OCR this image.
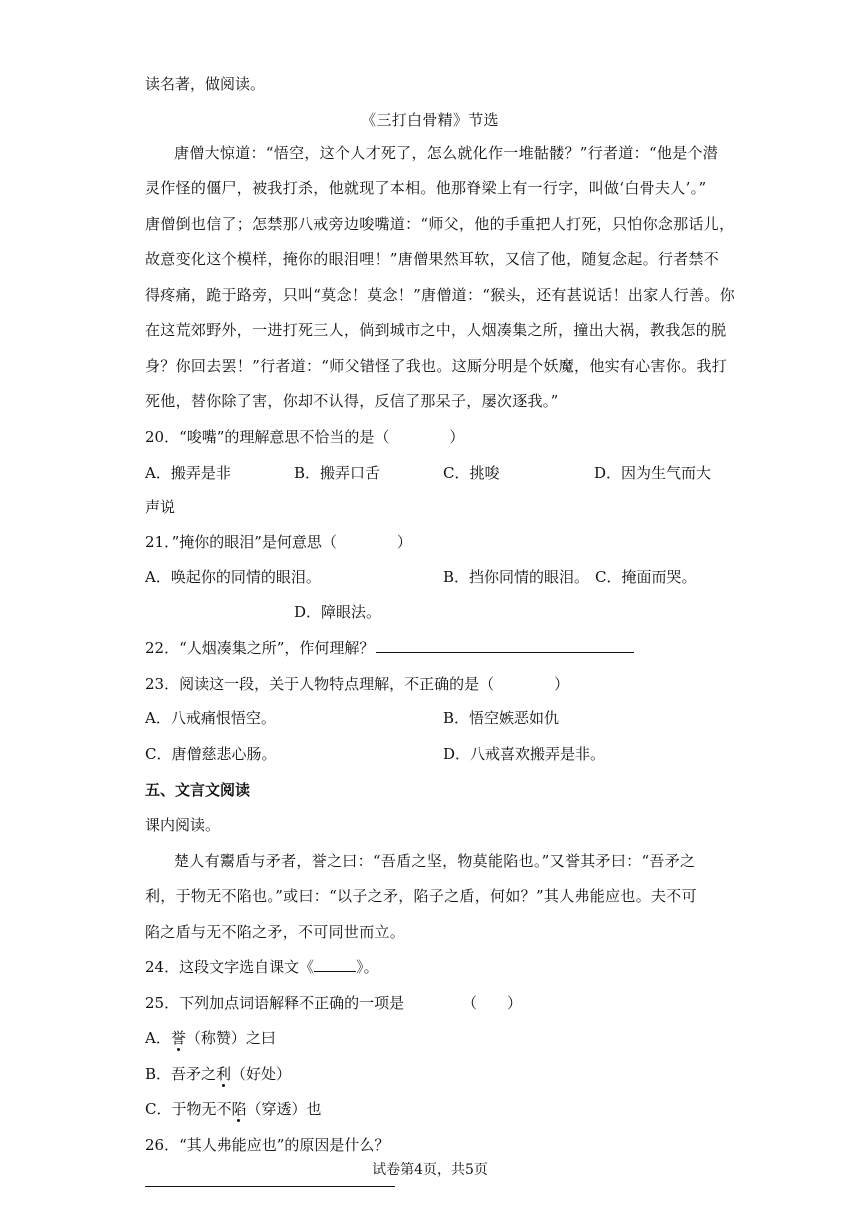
读名著，做阅读。
《三打白骨精》节选
唐僧大惊道：“悟空，这个人才死了，怎么就化作一堆骷髅？”行者道：“他是个潜
灵作怪的僵尸，被我打杀，他就现了本相。他那脊梁上有一行字，叫做‘白骨夫人’。”
唐僧倒也信了；怎禁那八戒旁边唆嘴道：“师父，他的手重把人打死，只怕你念那话儿，
故意变化这个模样，掩你的眼泪哩！”唐僧果然耳软，又信了他，随复念起。行者禁不
得疼痛，跪于路旁，只叫“莫念！莫念！”唐僧道：“猴头，还有甚说话！出家人行善。你
在这荒郊野外，一进打死三人，倘到城市之中，人烟凑集之所，撞出大祸，教我怎的脱
身？你回去罢！”行者道：“师父错怪了我也。这厮分明是个妖魔，他实有心害你。我打
死他，替你除了害，你却不认得，反信了那呆子，屡次逐我。”
20．“唆嘴”的理解意思不恰当的是（　　　　）
A．搬弄是非	B．搬弄口舌	C．挑唆	D．因为生气而大
声说
21．”掩你的眼泪”是何意思（　　　　）
A．唤起你的同情的眼泪。	B．挡你同情的眼泪。 C．掩面而哭。
D．障眼法。
22．“人烟凑集之所”，作何理解？
23．阅读这一段，关于人物特点理解，不正确的是（　　　　）
A．八戒痛恨悟空。	B．悟空嫉恶如仇
C．唐僧慈悲心肠。	D．八戒喜欢搬弄是非。
五、文言文阅读
课内阅读。
楚人有鬻盾与矛者，誉之曰：“吾盾之坚，物莫能陷也。”又誉其矛曰：“吾矛之
利，于物无不陷也。”或曰：“以子之矛，陷子之盾，何如？”其人弗能应也。夫不可
陷之盾与无不陷之矛，不可同世而立。
24．这段文字选自课文《	》。
25．下列加点词语解释不正确的一项是	（　　）
A．誉（称赞）之曰
B．吾矛之利（好处）
C．于物无不陷（穿透）也
26．“其人弗能应也”的原因是什么？
试卷第4页，共5页
